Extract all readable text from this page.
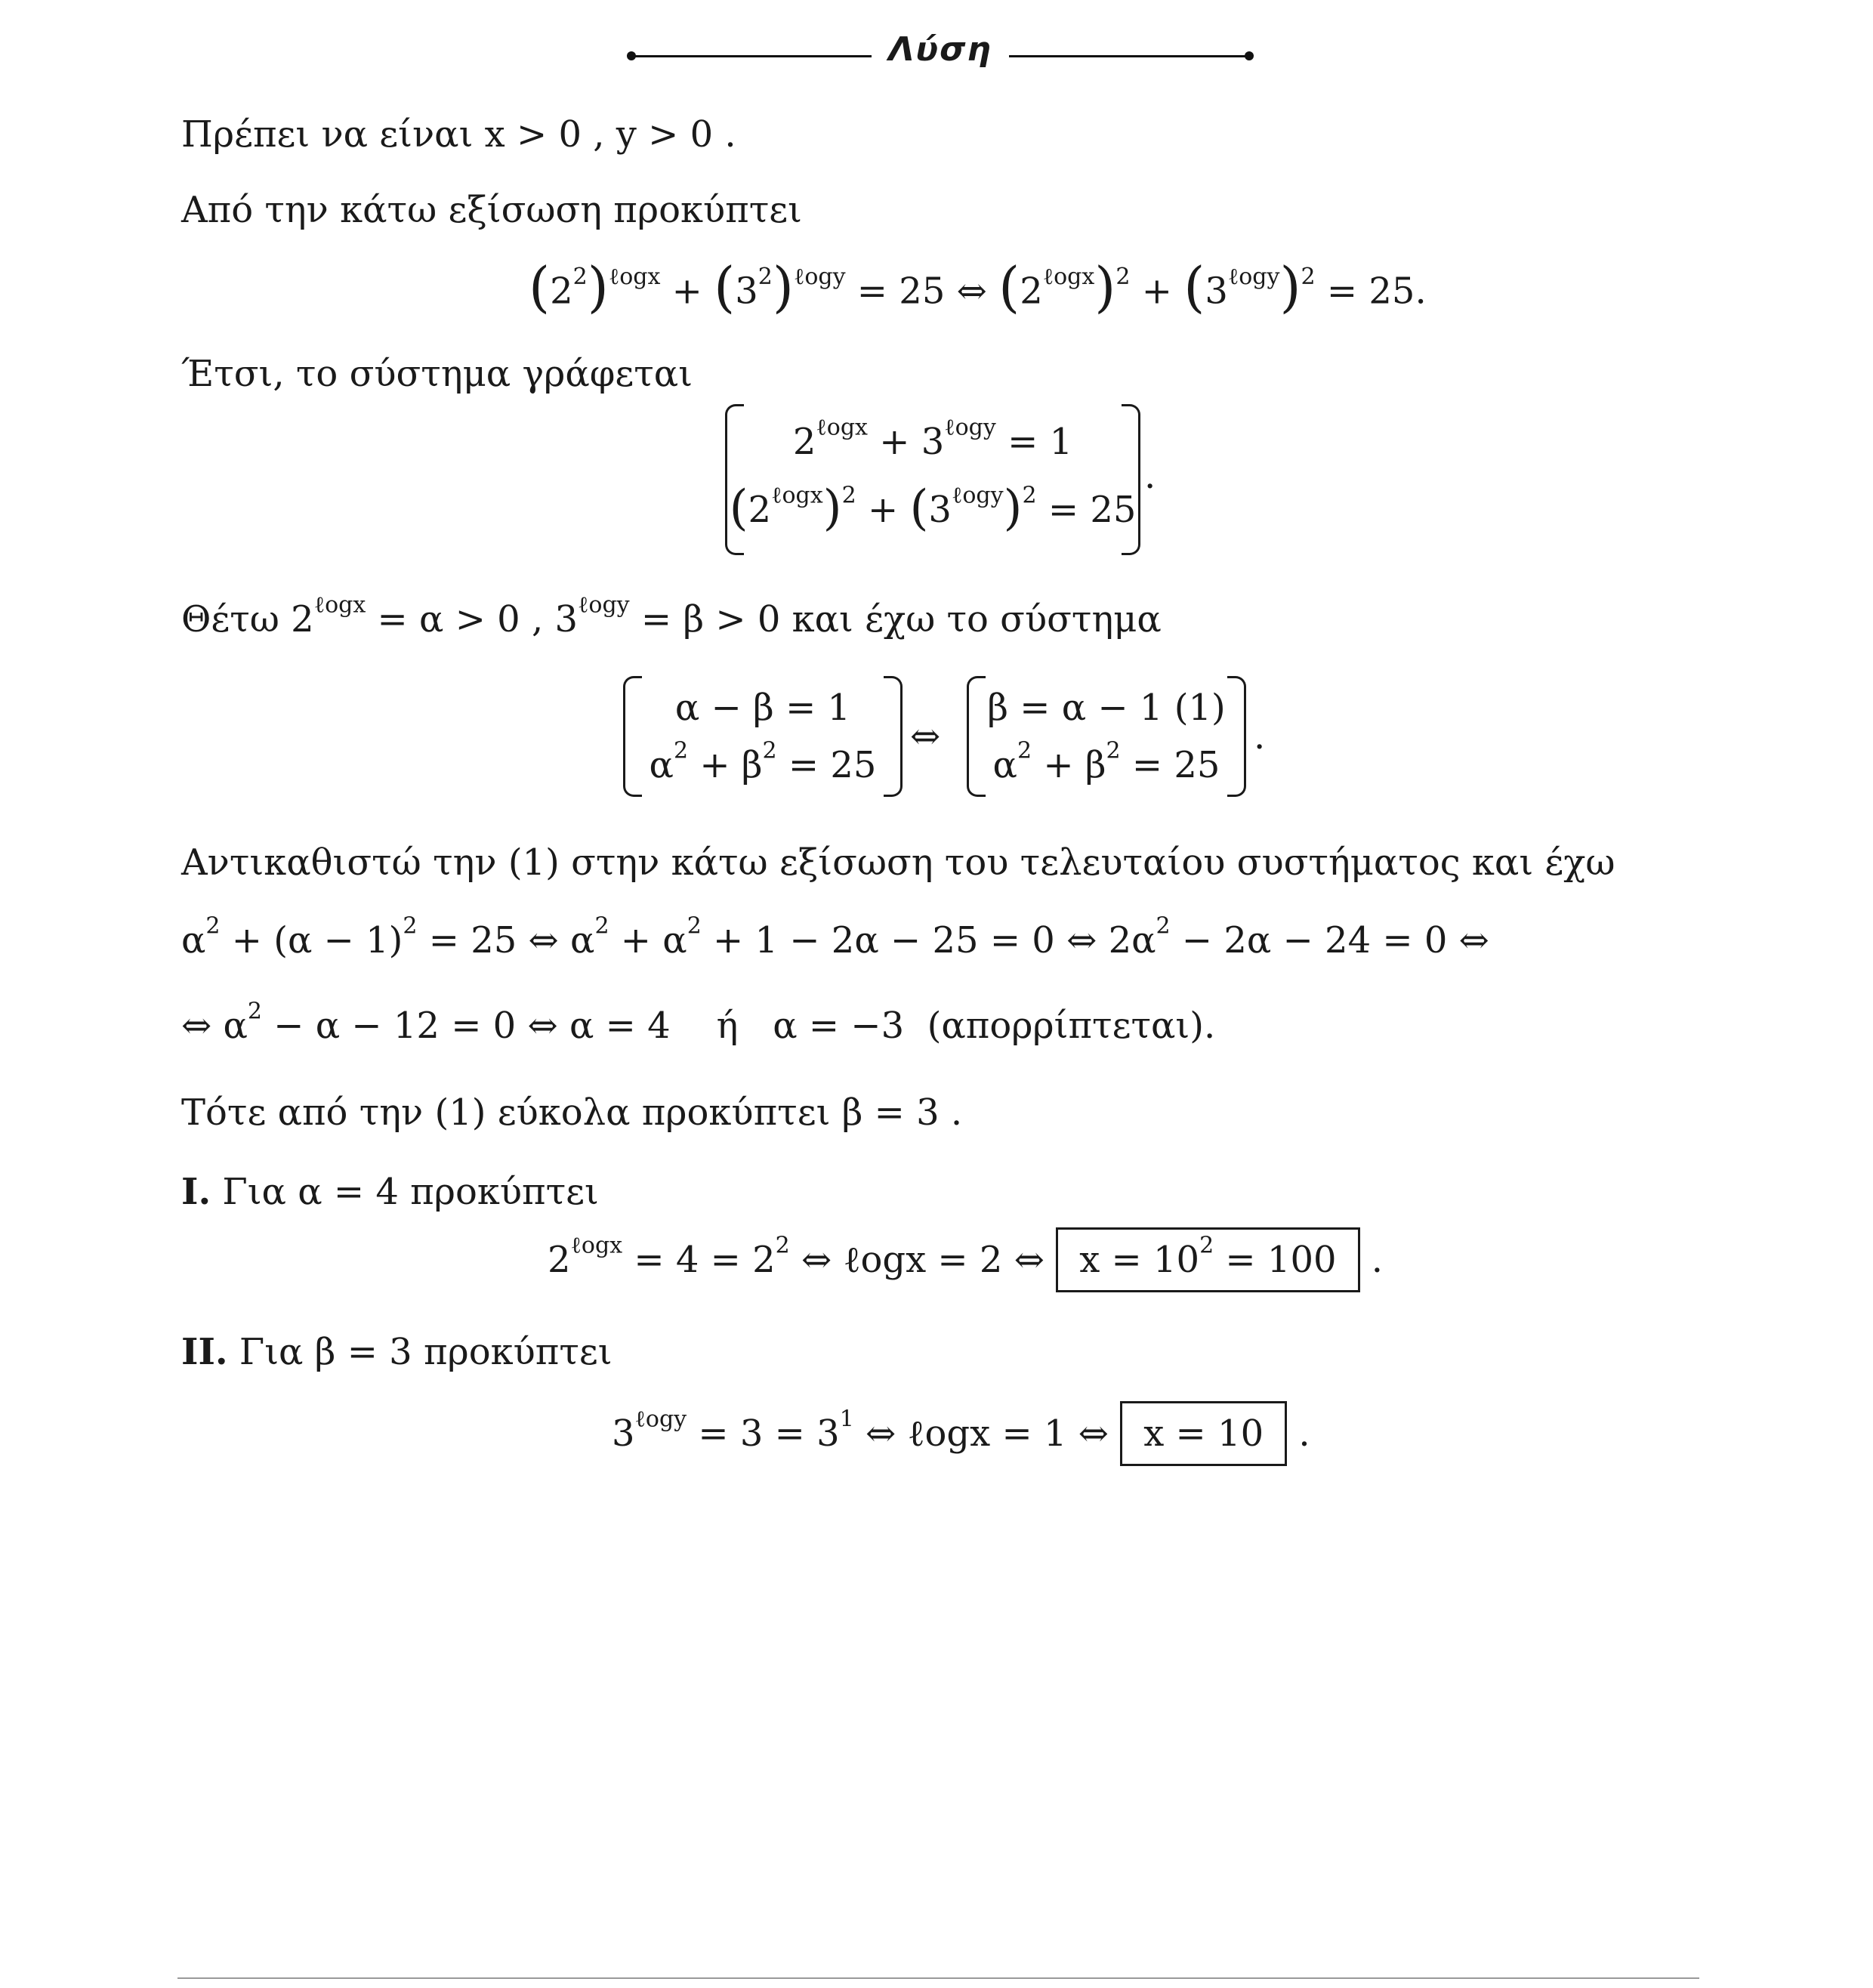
Λύση
Πρέπει να είναι x > 0 , y > 0 .
Από την κάτω εξίσωση προκύπτει
$(2^2)^{\ell ogx} + (3^2)^{\ell ogy} = 25$ ⇔ $(2^{\ell ogx})^2 + (3^{\ell ogy})^2 = 25$.
Έτσι, το σύστημα γράφεται
$2^{\ell ogx} + 3^{\ell ogy} = 1$
$(2^{\ell ogx})^2 + (3^{\ell ogy})^2 = 25$
.
Θέτω $2^{\ell ogx} = \alpha > 0$ , $3^{\ell ogy} = \beta > 0$ και έχω το σύστημα
α − β = 1
$\alpha^2 + \beta^2 = 25$
⇔
β = α − 1 (1)
$\alpha^2 + \beta^2 = 25$
.
Αντικαθιστώ την (1) στην κάτω εξίσωση του τελευταίου συστήματος και έχω
$\alpha^2 + (\alpha - 1)^2 = 25$ ⇔ $\alpha^2 + \alpha^2 + 1 - 2\alpha - 25 = 0$ ⇔ $2\alpha^2 - 2\alpha - 24 = 0$ ⇔
⇔ $\alpha^2 - \alpha - 12 = 0$ ⇔ α = 4    ή   α = −3  (απορρίπτεται).
Τότε από την (1) εύκολα προκύπτει β = 3 .
I. Για α = 4 προκύπτει
$2^{\ell ogx} = 4 = 2^2$ ⇔ ℓogx = 2 ⇔ $x = 10^2 = 100$ .
II. Για β = 3 προκύπτει
$3^{\ell ogy} = 3 = 3^1$ ⇔ ℓogx = 1 ⇔ x = 10 .
